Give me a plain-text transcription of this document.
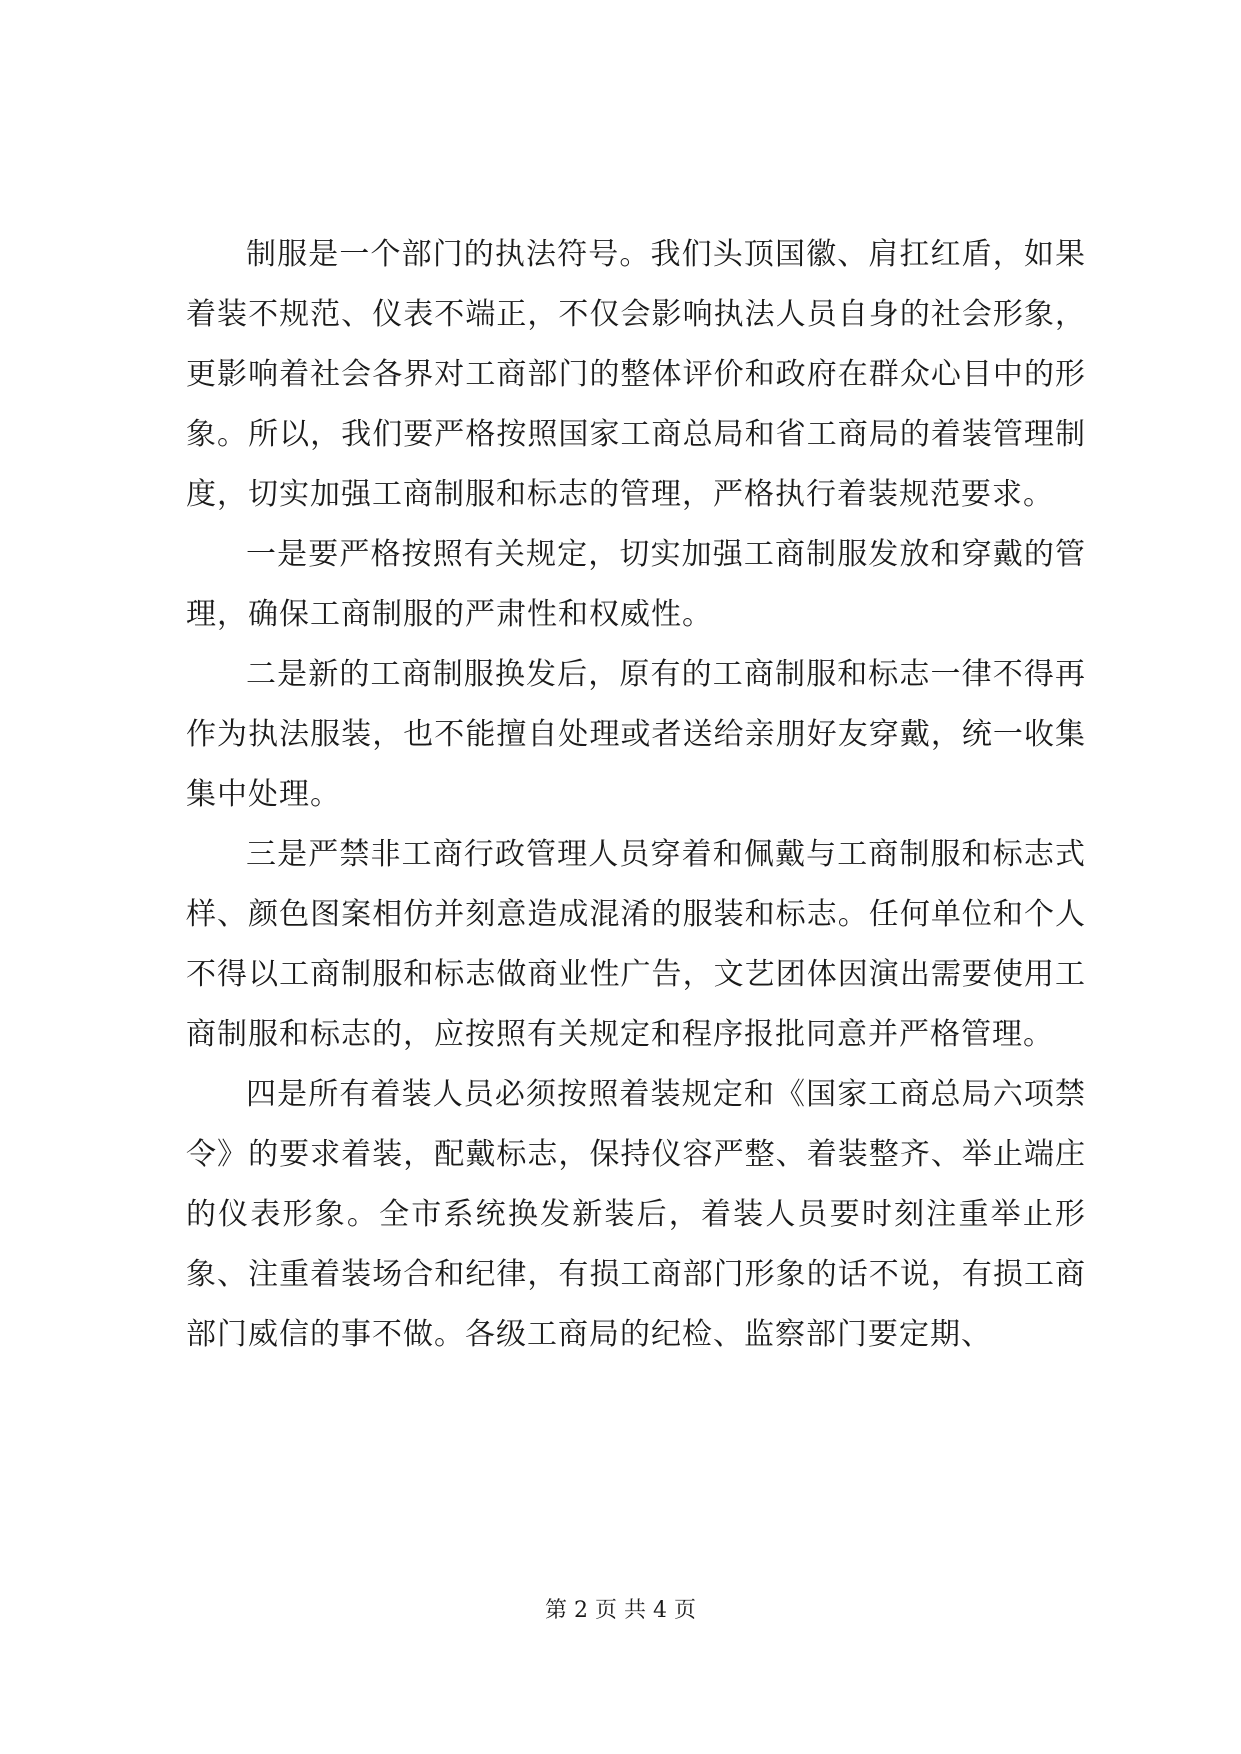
制服是一个部门的执法符号。我们头顶国徽、肩扛红盾，如果着装不规范、仪表不端正，不仅会影响执法人员自身的社会形象，更影响着社会各界对工商部门的整体评价和政府在群众心目中的形象。所以，我们要严格按照国家工商总局和省工商局的着装管理制度，切实加强工商制服和标志的管理，严格执行着装规范要求。

一是要严格按照有关规定，切实加强工商制服发放和穿戴的管理，确保工商制服的严肃性和权威性。

二是新的工商制服换发后，原有的工商制服和标志一律不得再作为执法服装，也不能擅自处理或者送给亲朋好友穿戴，统一收集集中处理。

三是严禁非工商行政管理人员穿着和佩戴与工商制服和标志式样、颜色图案相仿并刻意造成混淆的服装和标志。任何单位和个人不得以工商制服和标志做商业性广告，文艺团体因演出需要使用工商制服和标志的，应按照有关规定和程序报批同意并严格管理。

四是所有着装人员必须按照着装规定和《国家工商总局六项禁令》的要求着装，配戴标志，保持仪容严整、着装整齐、举止端庄的仪表形象。全市系统换发新装后，着装人员要时刻注重举止形象、注重着装场合和纪律，有损工商部门形象的话不说，有损工商部门威信的事不做。各级工商局的纪检、监察部门要定期、

第 2 页 共 4 页
